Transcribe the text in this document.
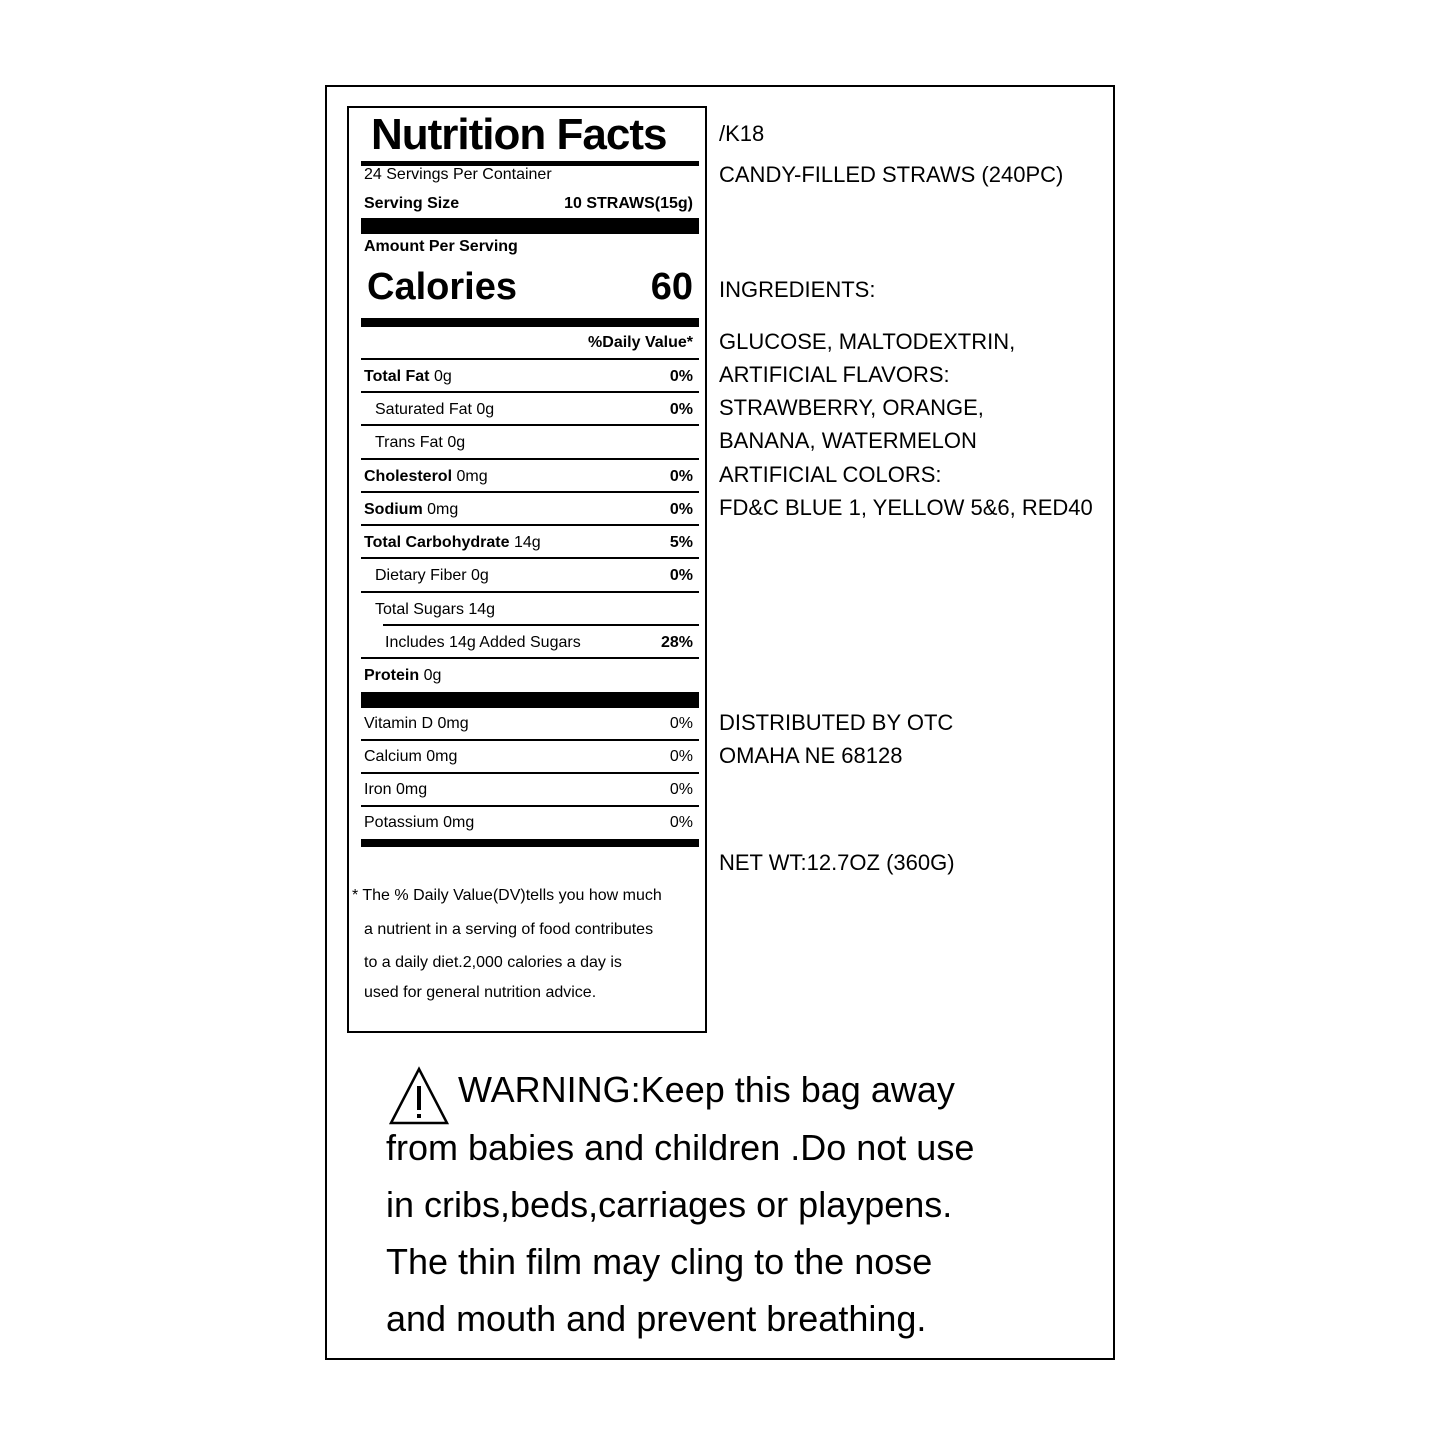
Nutrition Facts
24 Servings Per Container
Serving Size	10 STRAWS(15g)
Amount Per Serving
Calories	60
%Daily Value*
Total Fat 0g	0%
Saturated Fat 0g	0%
Trans Fat 0g
Cholesterol 0mg	0%
Sodium 0mg	0%
Total Carbohydrate 14g	5%
Dietary Fiber 0g	0%
Total Sugars 14g
Includes 14g Added Sugars	28%
Protein 0g
Vitamin D 0mg	0%
Calcium 0mg	0%
Iron 0mg	0%
Potassium 0mg	0%
* The % Daily Value(DV)tells you how much
a nutrient in a serving of food contributes
to a daily diet.2,000 calories a day is
used for general nutrition advice.
/K18
CANDY-FILLED STRAWS (240PC)
INGREDIENTS:
GLUCOSE, MALTODEXTRIN,
ARTIFICIAL FLAVORS:
STRAWBERRY, ORANGE,
BANANA, WATERMELON
ARTIFICIAL COLORS:
FD&C BLUE 1, YELLOW 5&6, RED40
DISTRIBUTED BY OTC
OMAHA NE 68128
NET WT:12.7OZ (360G)
WARNING:Keep this bag away
from babies and children .Do not use
in cribs,beds,carriages or playpens.
The thin film may cling to the nose
and mouth and prevent breathing.
